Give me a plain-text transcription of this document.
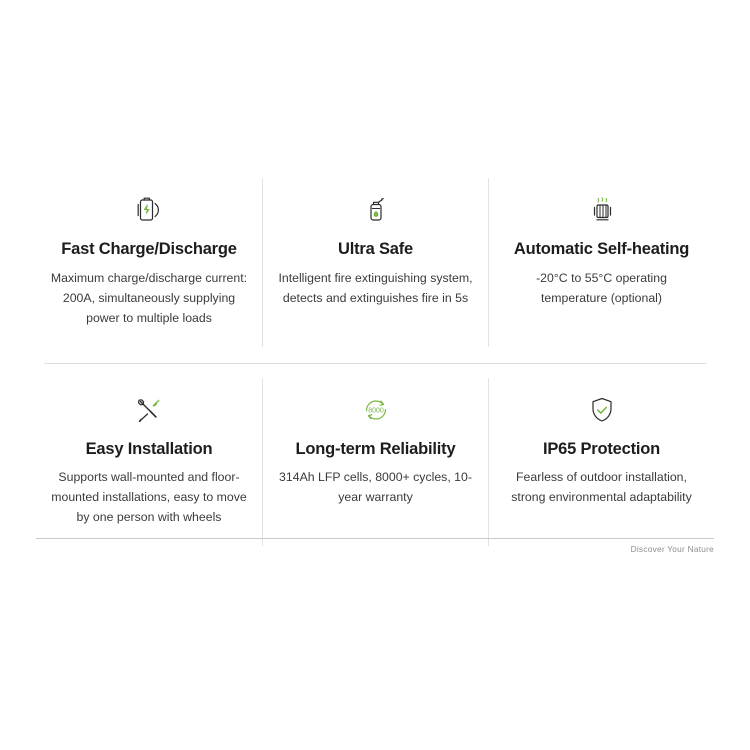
Fast Charge/Discharge
Maximum charge/discharge current: 200A, simultaneously supplying power to multiple loads
Ultra Safe
Intelligent fire extinguishing system, detects and extinguishes fire in 5s
Automatic Self-heating
-20°C to 55°C operating temperature (optional)
Easy Installation
Supports wall-mounted and floor-mounted installations, easy to move by one person with wheels
8000
Long-term Reliability
314Ah LFP cells, 8000+ cycles, 10-year warranty
IP65 Protection
Fearless of outdoor installation, strong environmental adaptability
Discover Your Nature
